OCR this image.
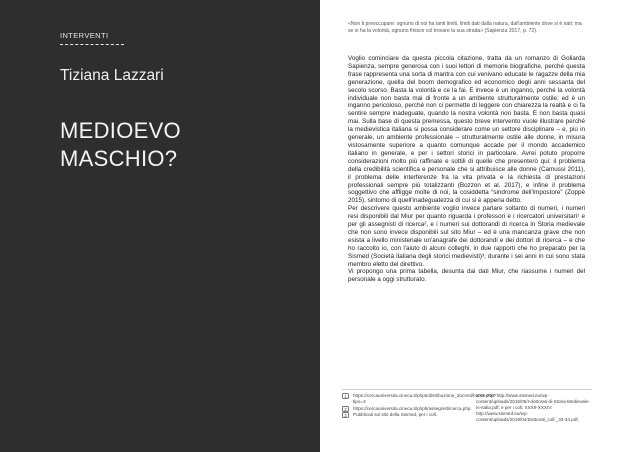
INTERVENTI
Tiziana Lazzari
MEDIOEVO
MASCHIO?
«Non ti preoccupare: ognuno di noi ha tanti limiti, limiti dati dalla natura, dall'ambiente dove si è nati; ma se si ha la volontà, ognuno finisce col trovare la sua strada» (Sapienza 2017, p. 72).

Voglio cominciare da questa piccola citazione, tratta da un romanzo di Goliarda Sapienza, sempre generosa con i suoi lettori di memorie biografiche, perché questa frase rappresenta una sorta di mantra con cui venivano educate le ragazze della mia generazione, quella del boom demografico ed economico degli anni sessanta del secolo scorso. Basta la volontà e ce la fai. E invece è un inganno, perché la volontà individuale non basta mai di fronte a un ambiente strutturalmente ostile; ed è un inganno pericoloso, perché non ci permette di leggere con chiarezza la realtà e ci fa sentire sempre inadeguate, quando la nostra volontà non basta. E non basta quasi mai. Sulla base di questa premessa, questo breve intervento vuole illustrare perché la medievistica italiana si possa considerare come un settore disciplinare – e, più in generale, un ambiente professionale – strutturalmente ostile alle donne, in misura vistosamente superiore a quanto comunque accade per il mondo accademico italiano in generale, e per i settori storici in particolare. Avrei potuto proporre considerazioni molto più raffinate e sottili di quelle che presenterò qui: il problema della credibilità scientifica e personale che si attribuisce alle donne (Camussi 2011), il problema delle interferenze fra la vita privata e la richiesta di prestazioni professionali sempre più totalizzanti (Bozzon et al. 2017), e infine il problema soggettivo che affligge molte di noi, la cosiddetta “sindrome dell'impostore” (Zoppè 2015), sintomo di quell'inadeguatezza di cui si è appena detto.

Per descrivere questo ambiente voglio invece parlare soltanto di numeri, i numeri resi disponibili dal Miur per quanto riguarda i professori e i ricercatori universitari¹ e per gli assegnisti di ricerca², e i numeri sui dottorandi di ricerca in Storia medievale che non sono invece disponibili sul sito Miur – ed è una mancanza grave che non esista a livello ministeriale un'anagrafe dei dottorandi e dei dottori di ricerca – e che ho raccolto io, con l'aiuto di alcuni colleghi, in due rapporti che ho preparato per la Sismed (Società italiana degli storici medievisti)³, durante i sei anni in cui sono stata membro eletto del direttivo.

Vi propongo una prima tabella, desunta dai dati Miur, che riassume i numeri del personale a oggi strutturato.

1	https://cercauniversita.cineca.it/php5/distribuzione_docenti/home.php?tipo=3
2	https://cercauniversita.cineca.it/php5/assegnisti/cerca.php.
3	Pubblicati sul sito della Sismed, per i coll.
XXX-XXI: http://www.sismed.eu/wp-content/uploads/2016/05/I-dottorati-di-Storia-Medievale-in-Italia.pdf; e per i coll. XXXII-XXXIV: http://www.sismed.eu/wp-content/uploads/2019/04/Dottorati_coll._33-34.pdf.
